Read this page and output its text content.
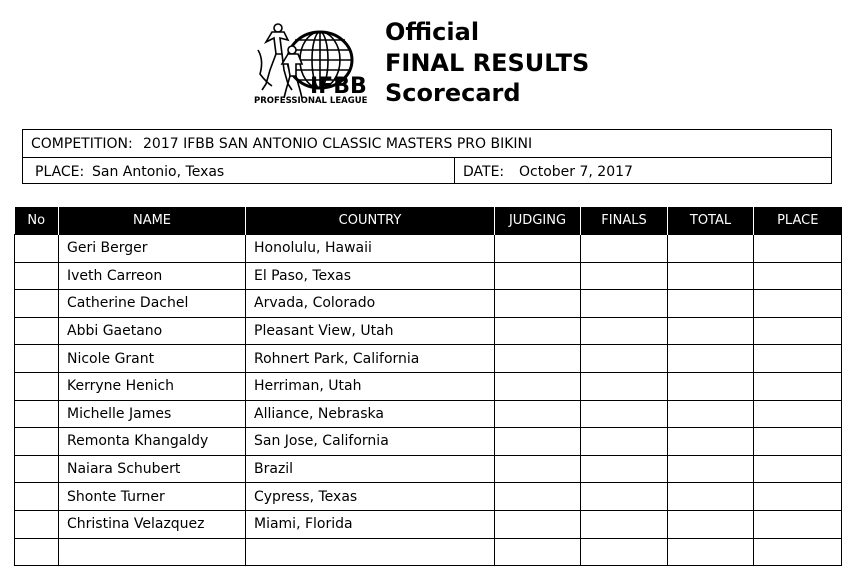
IFBB
PROFESSIONAL LEAGUE
Official
FINAL RESULTS
Scorecard
COMPETITION: 2017 IFBB SAN ANTONIO CLASSIC MASTERS PRO BIKINI
PLACE: San Antonio, Texas	DATE: October 7, 2017
No	NAME	COUNTRY	JUDGING	FINALS	TOTAL	PLACE
	Geri Berger	Honolulu, Hawaii				
	Iveth Carreon	El Paso, Texas				
	Catherine Dachel	Arvada, Colorado				
	Abbi Gaetano	Pleasant View, Utah				
	Nicole Grant	Rohnert Park, California				
	Kerryne Henich	Herriman, Utah				
	Michelle James	Alliance, Nebraska				
	Remonta Khangaldy	San Jose, California				
	Naiara Schubert	Brazil				
	Shonte Turner	Cypress, Texas				
	Christina Velazquez	Miami, Florida				
